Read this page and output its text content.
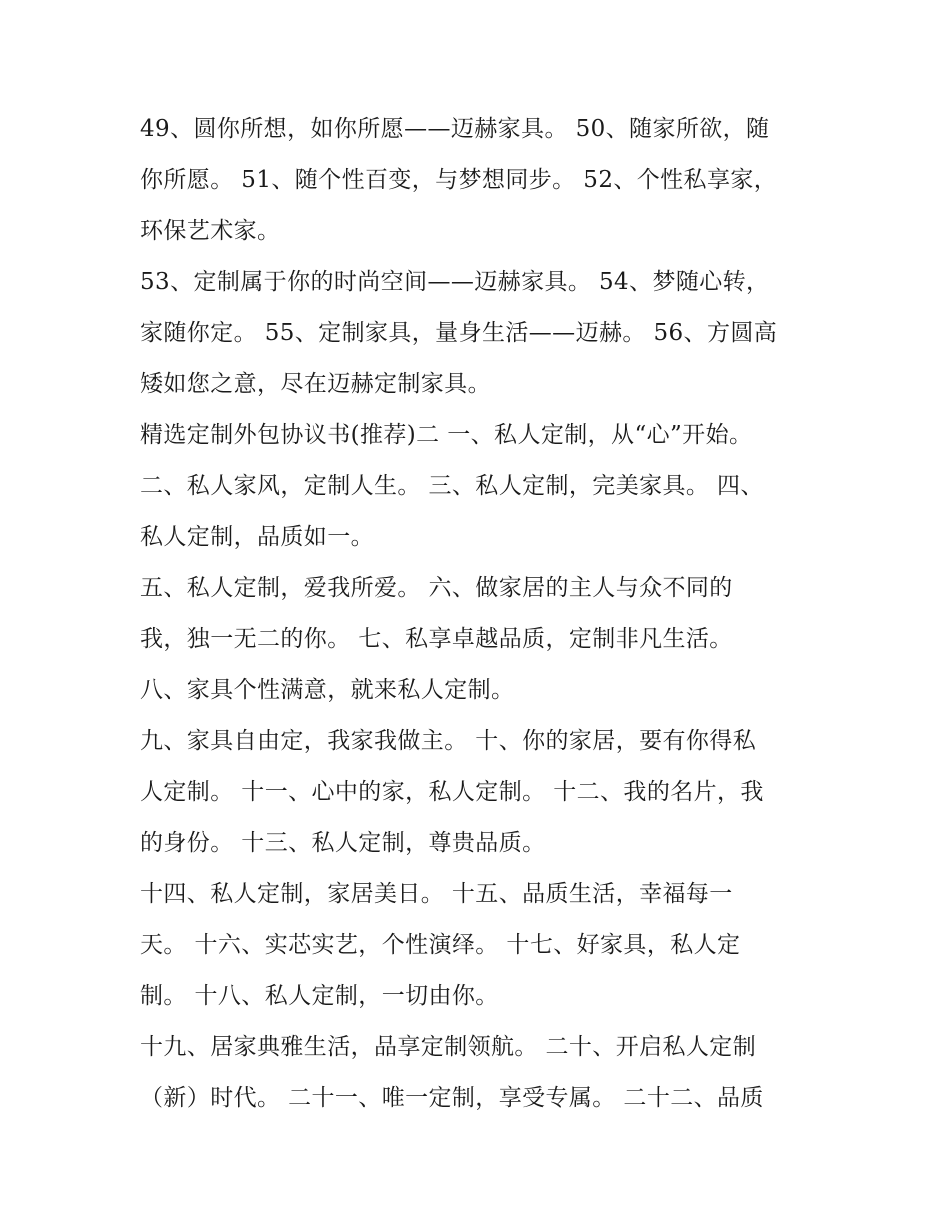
49、圆你所想，如你所愿——迈赫家具。 50、随家所欲，随
你所愿。 51、随个性百变，与梦想同步。 52、个性私享家，
环保艺术家。
53、定制属于你的时尚空间——迈赫家具。 54、梦随心转，
家随你定。 55、定制家具，量身生活——迈赫。 56、方圆高
矮如您之意，尽在迈赫定制家具。
精选定制外包协议书(推荐)二 一、私人定制，从“心”开始。
二、私人家风，定制人生。 三、私人定制，完美家具。 四、
私人定制，品质如一。
五、私人定制，爱我所爱。 六、做家居的主人与众不同的
我，独一无二的你。 七、私享卓越品质，定制非凡生活。
八、家具个性满意，就来私人定制。
九、家具自由定，我家我做主。 十、你的家居，要有你得私
人定制。 十一、心中的家，私人定制。 十二、我的名片，我
的身份。 十三、私人定制，尊贵品质。
十四、私人定制，家居美日。 十五、品质生活，幸福每一
天。 十六、实芯实艺，个性演绎。 十七、好家具，私人定
制。 十八、私人定制，一切由你。
十九、居家典雅生活，品享定制领航。 二十、开启私人定制
（新）时代。 二十一、唯一定制，享受专属。 二十二、品质
